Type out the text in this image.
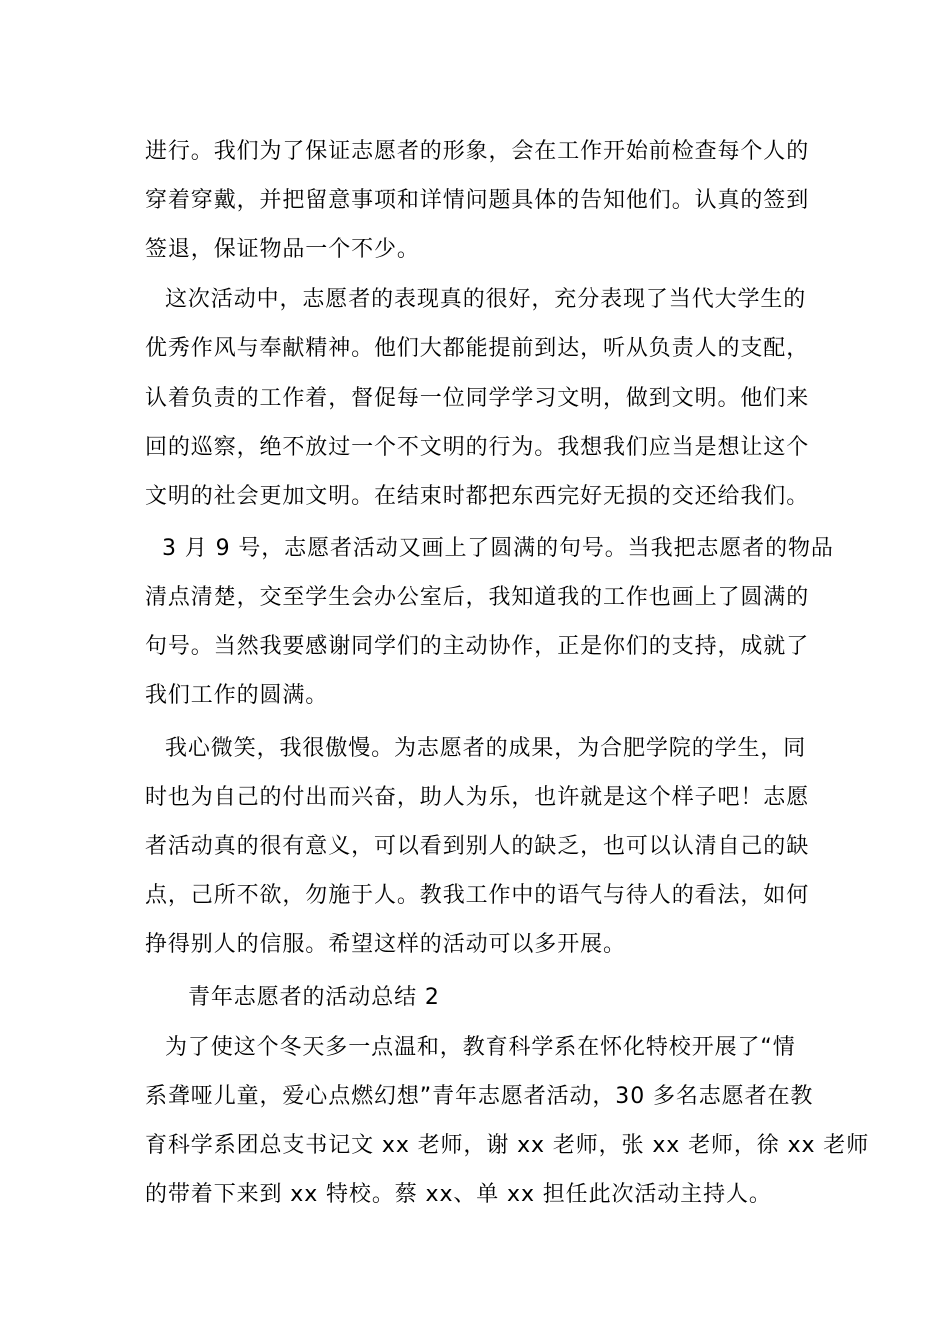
进行。我们为了保证志愿者的形象，会在工作开始前检查每个人的
穿着穿戴，并把留意事项和详情问题具体的告知他们。认真的签到
签退，保证物品一个不少。
这次活动中，志愿者的表现真的很好，充分表现了当代大学生的
优秀作风与奉献精神。他们大都能提前到达，听从负责人的支配，
认着负责的工作着，督促每一位同学学习文明，做到文明。他们来
回的巡察，绝不放过一个不文明的行为。我想我们应当是想让这个
文明的社会更加文明。在结束时都把东西完好无损的交还给我们。
3 月 9 号，志愿者活动又画上了圆满的句号。当我把志愿者的物品
清点清楚，交至学生会办公室后，我知道我的工作也画上了圆满的
句号。当然我要感谢同学们的主动协作，正是你们的支持，成就了
我们工作的圆满。
我心微笑，我很傲慢。为志愿者的成果，为合肥学院的学生，同
时也为自己的付出而兴奋，助人为乐，也许就是这个样子吧！志愿
者活动真的很有意义，可以看到别人的缺乏，也可以认清自己的缺
点，己所不欲，勿施于人。教我工作中的语气与待人的看法，如何
挣得别人的信服。希望这样的活动可以多开展。
青年志愿者的活动总结 2
为了使这个冬天多一点温和，教育科学系在怀化特校开展了“情
系聋哑儿童，爱心点燃幻想”青年志愿者活动，30 多名志愿者在教
育科学系团总支书记文 xx 老师，谢 xx 老师，张 xx 老师，徐 xx 老师
的带着下来到 xx 特校。蔡 xx、单 xx 担任此次活动主持人。
